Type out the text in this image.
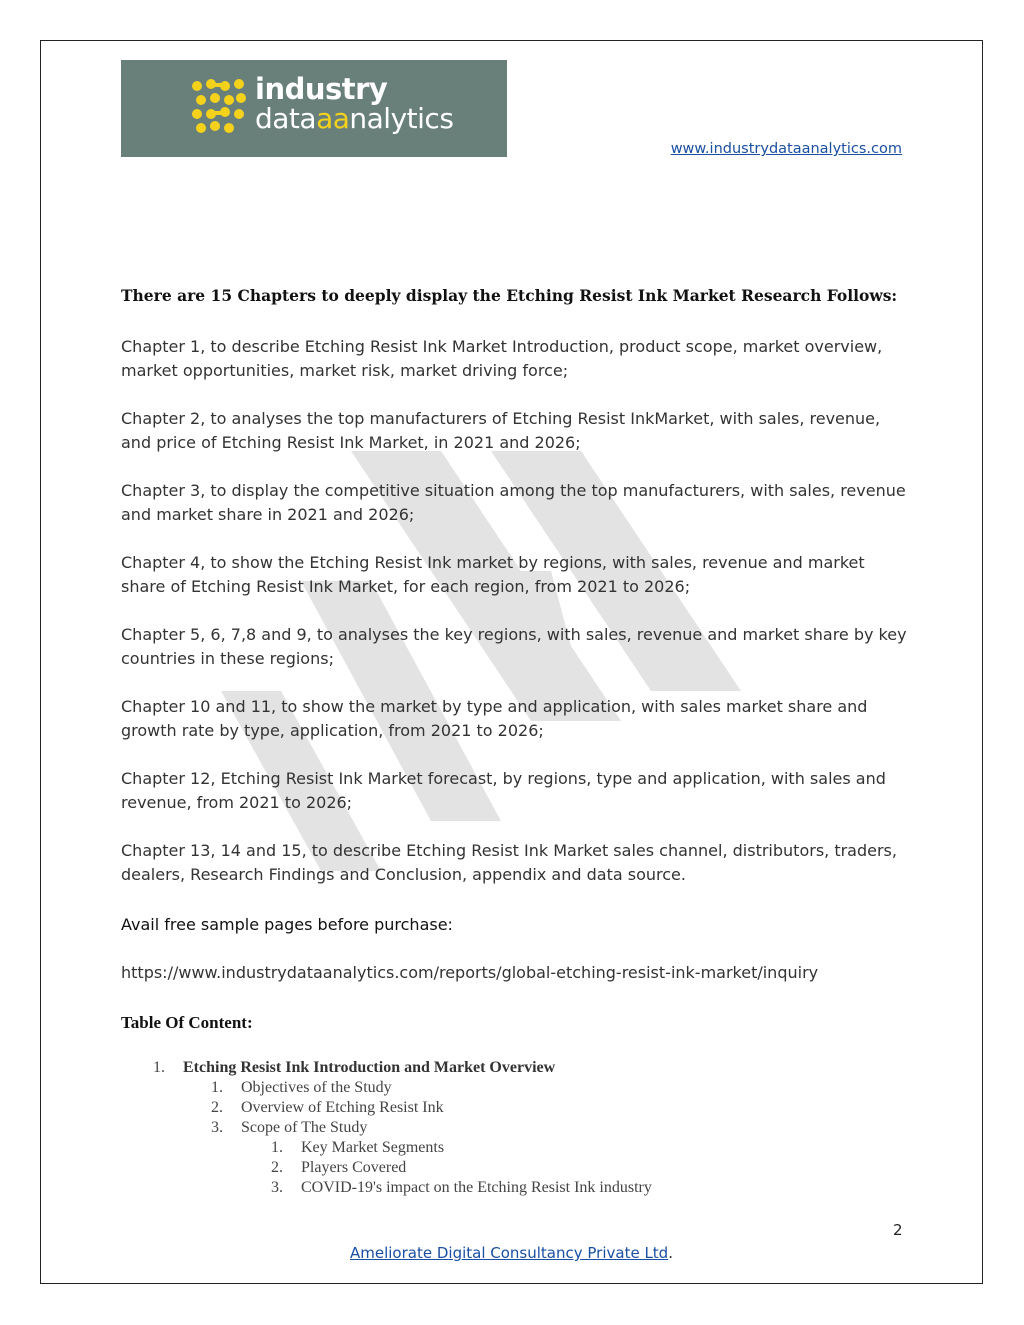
industry
dataaanalytics
www.industrydataanalytics.com
There are 15 Chapters to deeply display the Etching Resist Ink Market Research Follows:
Chapter 1, to describe Etching Resist Ink Market Introduction, product scope, market overview, market opportunities, market risk, market driving force;
Chapter 2, to analyses the top manufacturers of Etching Resist InkMarket, with sales, revenue, and price of Etching Resist Ink Market, in 2021 and 2026;
Chapter 3, to display the competitive situation among the top manufacturers, with sales, revenue and market share in 2021 and 2026;
Chapter 4, to show the Etching Resist Ink market by regions, with sales, revenue and market share of Etching Resist Ink Market, for each region, from 2021 to 2026;
Chapter 5, 6, 7,8 and 9, to analyses the key regions, with sales, revenue and market share by key countries in these regions;
Chapter 10 and 11, to show the market by type and application, with sales market share and growth rate by type, application, from 2021 to 2026;
Chapter 12, Etching Resist Ink Market forecast, by regions, type and application, with sales and revenue, from 2021 to 2026;
Chapter 13, 14 and 15, to describe Etching Resist Ink Market sales channel, distributors, traders, dealers, Research Findings and Conclusion, appendix and data source.
Avail free sample pages before purchase:
https://www.industrydataanalytics.com/reports/global-etching-resist-ink-market/inquiry
Table Of Content:
1. Etching Resist Ink Introduction and Market Overview
1. Objectives of the Study
2. Overview of Etching Resist Ink
3. Scope of The Study
1. Key Market Segments
2. Players Covered
3. COVID-19's impact on the Etching Resist Ink industry
2
Ameliorate Digital Consultancy Private Ltd.
